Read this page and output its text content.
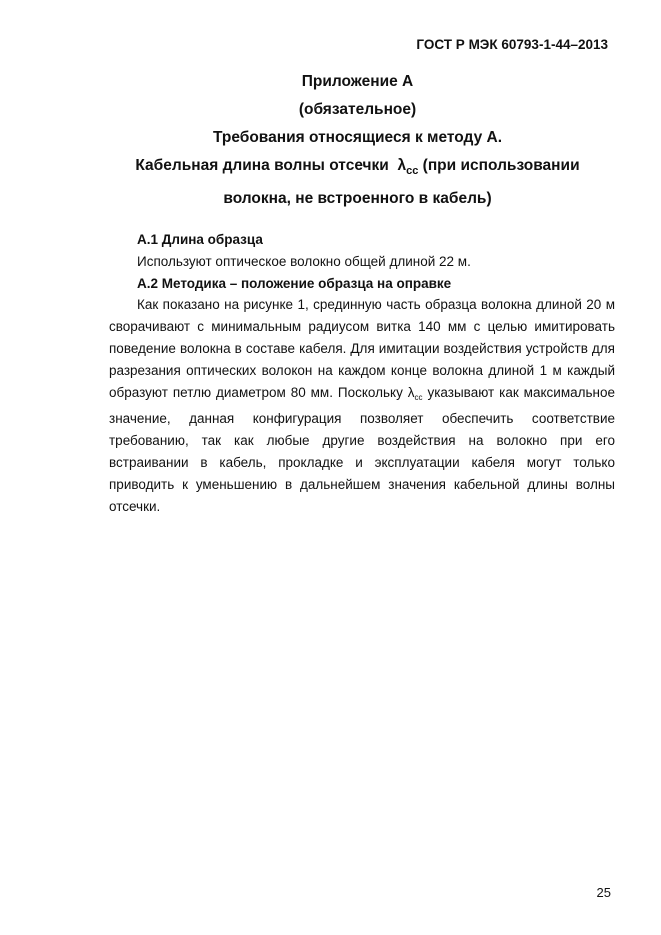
ГОСТ Р МЭК 60793-1-44–2013
Приложение А
(обязательное)
Требования относящиеся к методу А.
Кабельная длина волны отсечки $\lambda_{cc}$ (при использовании
волокна, не встроенного в кабель)

А.1 Длина образца

Используют оптическое волокно общей длиной 22 м.

А.2 Методика – положение образца на оправке

Как показано на рисунке 1, срединную часть образца волокна длиной 20 м сворачивают с минимальным радиусом витка 140 мм с целью имитировать поведение волокна в составе кабеля. Для имитации воздействия устройств для разрезания оптических волокон на каждом конце волокна длиной 1 м каждый образуют петлю диаметром 80 мм. Поскольку $\lambda_{cc}$ указывают как максимальное значение, данная конфигурация позволяет обеспечить соответствие требованию, так как любые другие воздействия на волокно при его встраивании в кабель, прокладке и эксплуатации кабеля могут только приводить к уменьшению в дальнейшем значения кабельной длины волны отсечки.

25
